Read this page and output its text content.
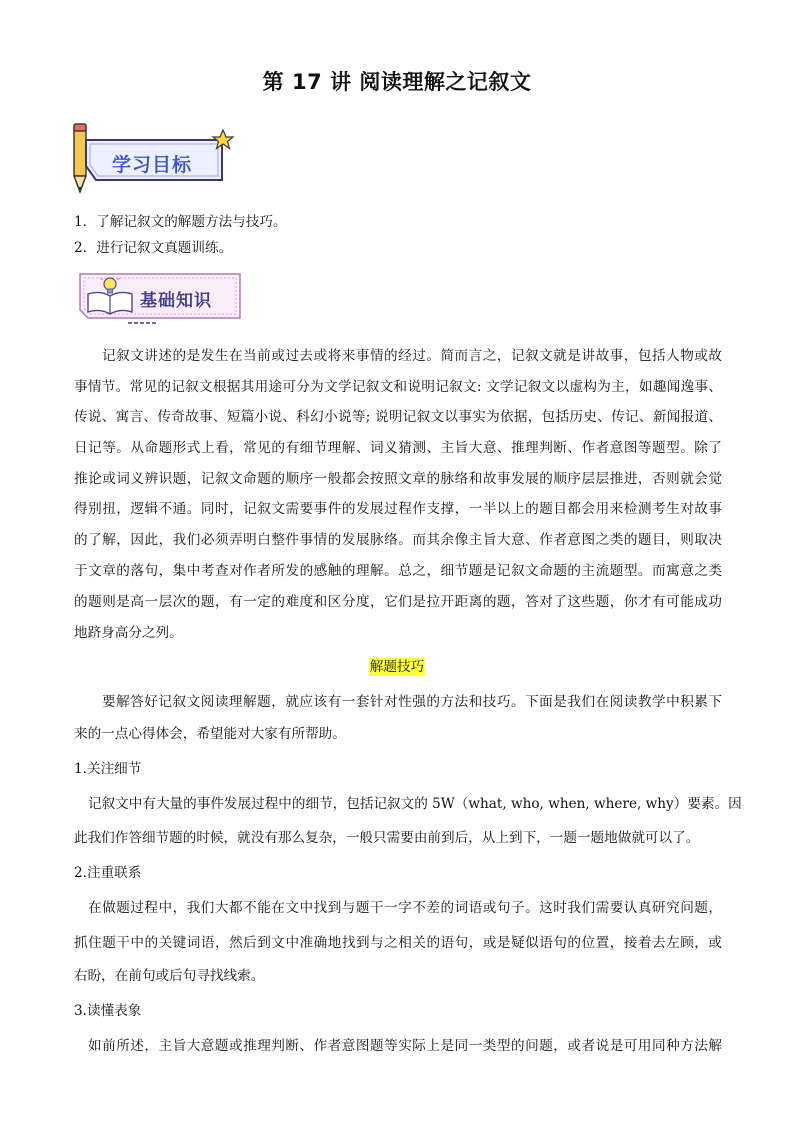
第 17 讲 阅读理解之记叙文
学习目标
1．了解记叙文的解题方法与技巧。
2．进行记叙文真题训练。
基础知识
记叙文讲述的是发生在当前或过去或将来事情的经过。简而言之，记叙文就是讲故事，包括人物或故
事情节。常见的记叙文根据其用途可分为文学记叙文和说明记叙文: 文学记叙文以虚构为主，如趣闻逸事、
传说、寓言、传奇故事、短篇小说、科幻小说等; 说明记叙文以事实为依据，包括历史、传记、新闻报道、
日记等。从命题形式上看，常见的有细节理解、词义猜测、主旨大意、推理判断、作者意图等题型。除了
推论或词义辨识题，记叙文命题的顺序一般都会按照文章的脉络和故事发展的顺序层层推进，否则就会觉
得别扭，逻辑不通。同时，记叙文需要事件的发展过程作支撑，一半以上的题目都会用来检测考生对故事
的了解，因此，我们必须弄明白整件事情的发展脉络。而其余像主旨大意、作者意图之类的题目，则取决
于文章的落句，集中考查对作者所发的感触的理解。总之，细节题是记叙文命题的主流题型。而寓意之类
的题则是高一层次的题，有一定的难度和区分度，它们是拉开距离的题，答对了这些题，你才有可能成功
地跻身高分之列。
解题技巧
要解答好记叙文阅读理解题，就应该有一套针对性强的方法和技巧。下面是我们在阅读教学中积累下
来的一点心得体会，希望能对大家有所帮助。
1.关注细节
记叙文中有大量的事件发展过程中的细节，包括记叙文的 5W（what, who, when, where, why）要素。因
此我们作答细节题的时候，就没有那么复杂，一般只需要由前到后，从上到下，一题一题地做就可以了。
2.注重联系
在做题过程中，我们大都不能在文中找到与题干一字不差的词语或句子。这时我们需要认真研究问题，
抓住题干中的关键词语，然后到文中准确地找到与之相关的语句，或是疑似语句的位置，接着去左顾，或
右盼，在前句或后句寻找线索。
3.读懂表象
如前所述，主旨大意题或推理判断、作者意图题等实际上是同一类型的问题，或者说是可用同种方法解
